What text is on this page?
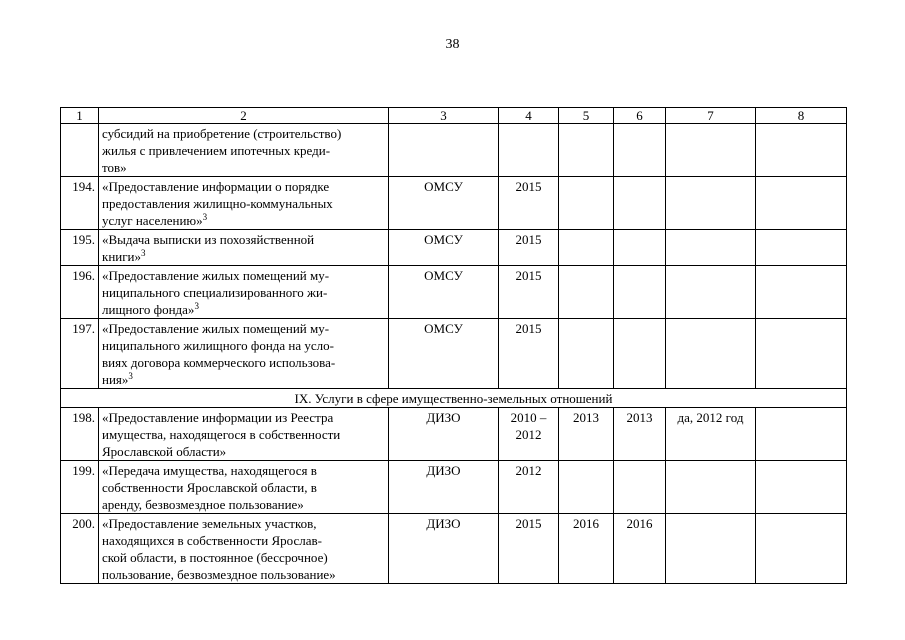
38
1	2	3	4	5	6	7	8
	субсидий на приобретение (строительство)
жилья с привлечением ипотечных креди-
тов»						
194.	«Предоставление информации о порядке
предоставления жилищно-коммунальных
услуг населению»$^3$	ОМСУ	2015				
195.	«Выдача выписки из похозяйственной
книги»$^3$	ОМСУ	2015				
196.	«Предоставление жилых помещений му-
ниципального специализированного жи-
лищного фонда»$^3$	ОМСУ	2015				
197.	«Предоставление жилых помещений му-
ниципального жилищного фонда на усло-
виях договора коммерческого использова-
ния»$^3$	ОМСУ	2015				
IX. Услуги в сфере имущественно-земельных отношений							
198.	«Предоставление информации из Реестра
имущества, находящегося в собственности
Ярославской области»	ДИЗО	2010 –
2012	2013	2013	да, 2012 год	
199.	«Передача имущества, находящегося в
собственности Ярославской области, в
аренду, безвозмездное пользование»	ДИЗО	2012				
200.	«Предоставление земельных участков,
находящихся в собственности Ярослав-
ской области, в постоянное (бессрочное)
пользование, безвозмездное пользование»	ДИЗО	2015	2016	2016		
